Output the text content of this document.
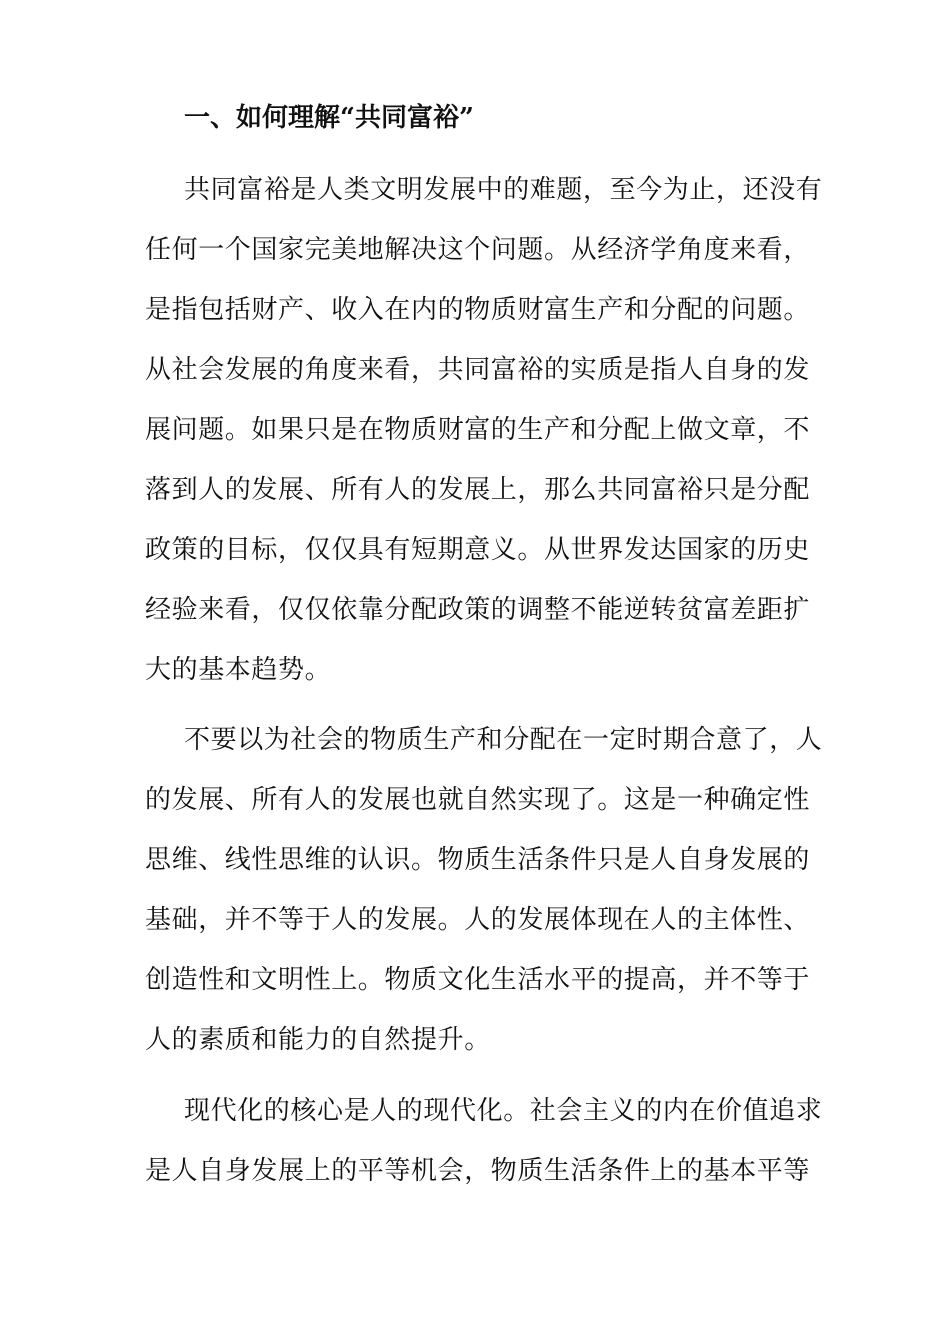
一、如何理解“共同富裕”

共同富裕是人类文明发展中的难题，至今为止，还没有

任何一个国家完美地解决这个问题。从经济学角度来看，

是指包括财产、收入在内的物质财富生产和分配的问题。

从社会发展的角度来看，共同富裕的实质是指人自身的发

展问题。如果只是在物质财富的生产和分配上做文章，不

落到人的发展、所有人的发展上，那么共同富裕只是分配

政策的目标，仅仅具有短期意义。从世界发达国家的历史

经验来看，仅仅依靠分配政策的调整不能逆转贫富差距扩

大的基本趋势。

不要以为社会的物质生产和分配在一定时期合意了，人

的发展、所有人的发展也就自然实现了。这是一种确定性

思维、线性思维的认识。物质生活条件只是人自身发展的

基础，并不等于人的发展。人的发展体现在人的主体性、

创造性和文明性上。物质文化生活水平的提高，并不等于

人的素质和能力的自然提升。

现代化的核心是人的现代化。社会主义的内在价值追求

是人自身发展上的平等机会，物质生活条件上的基本平等
